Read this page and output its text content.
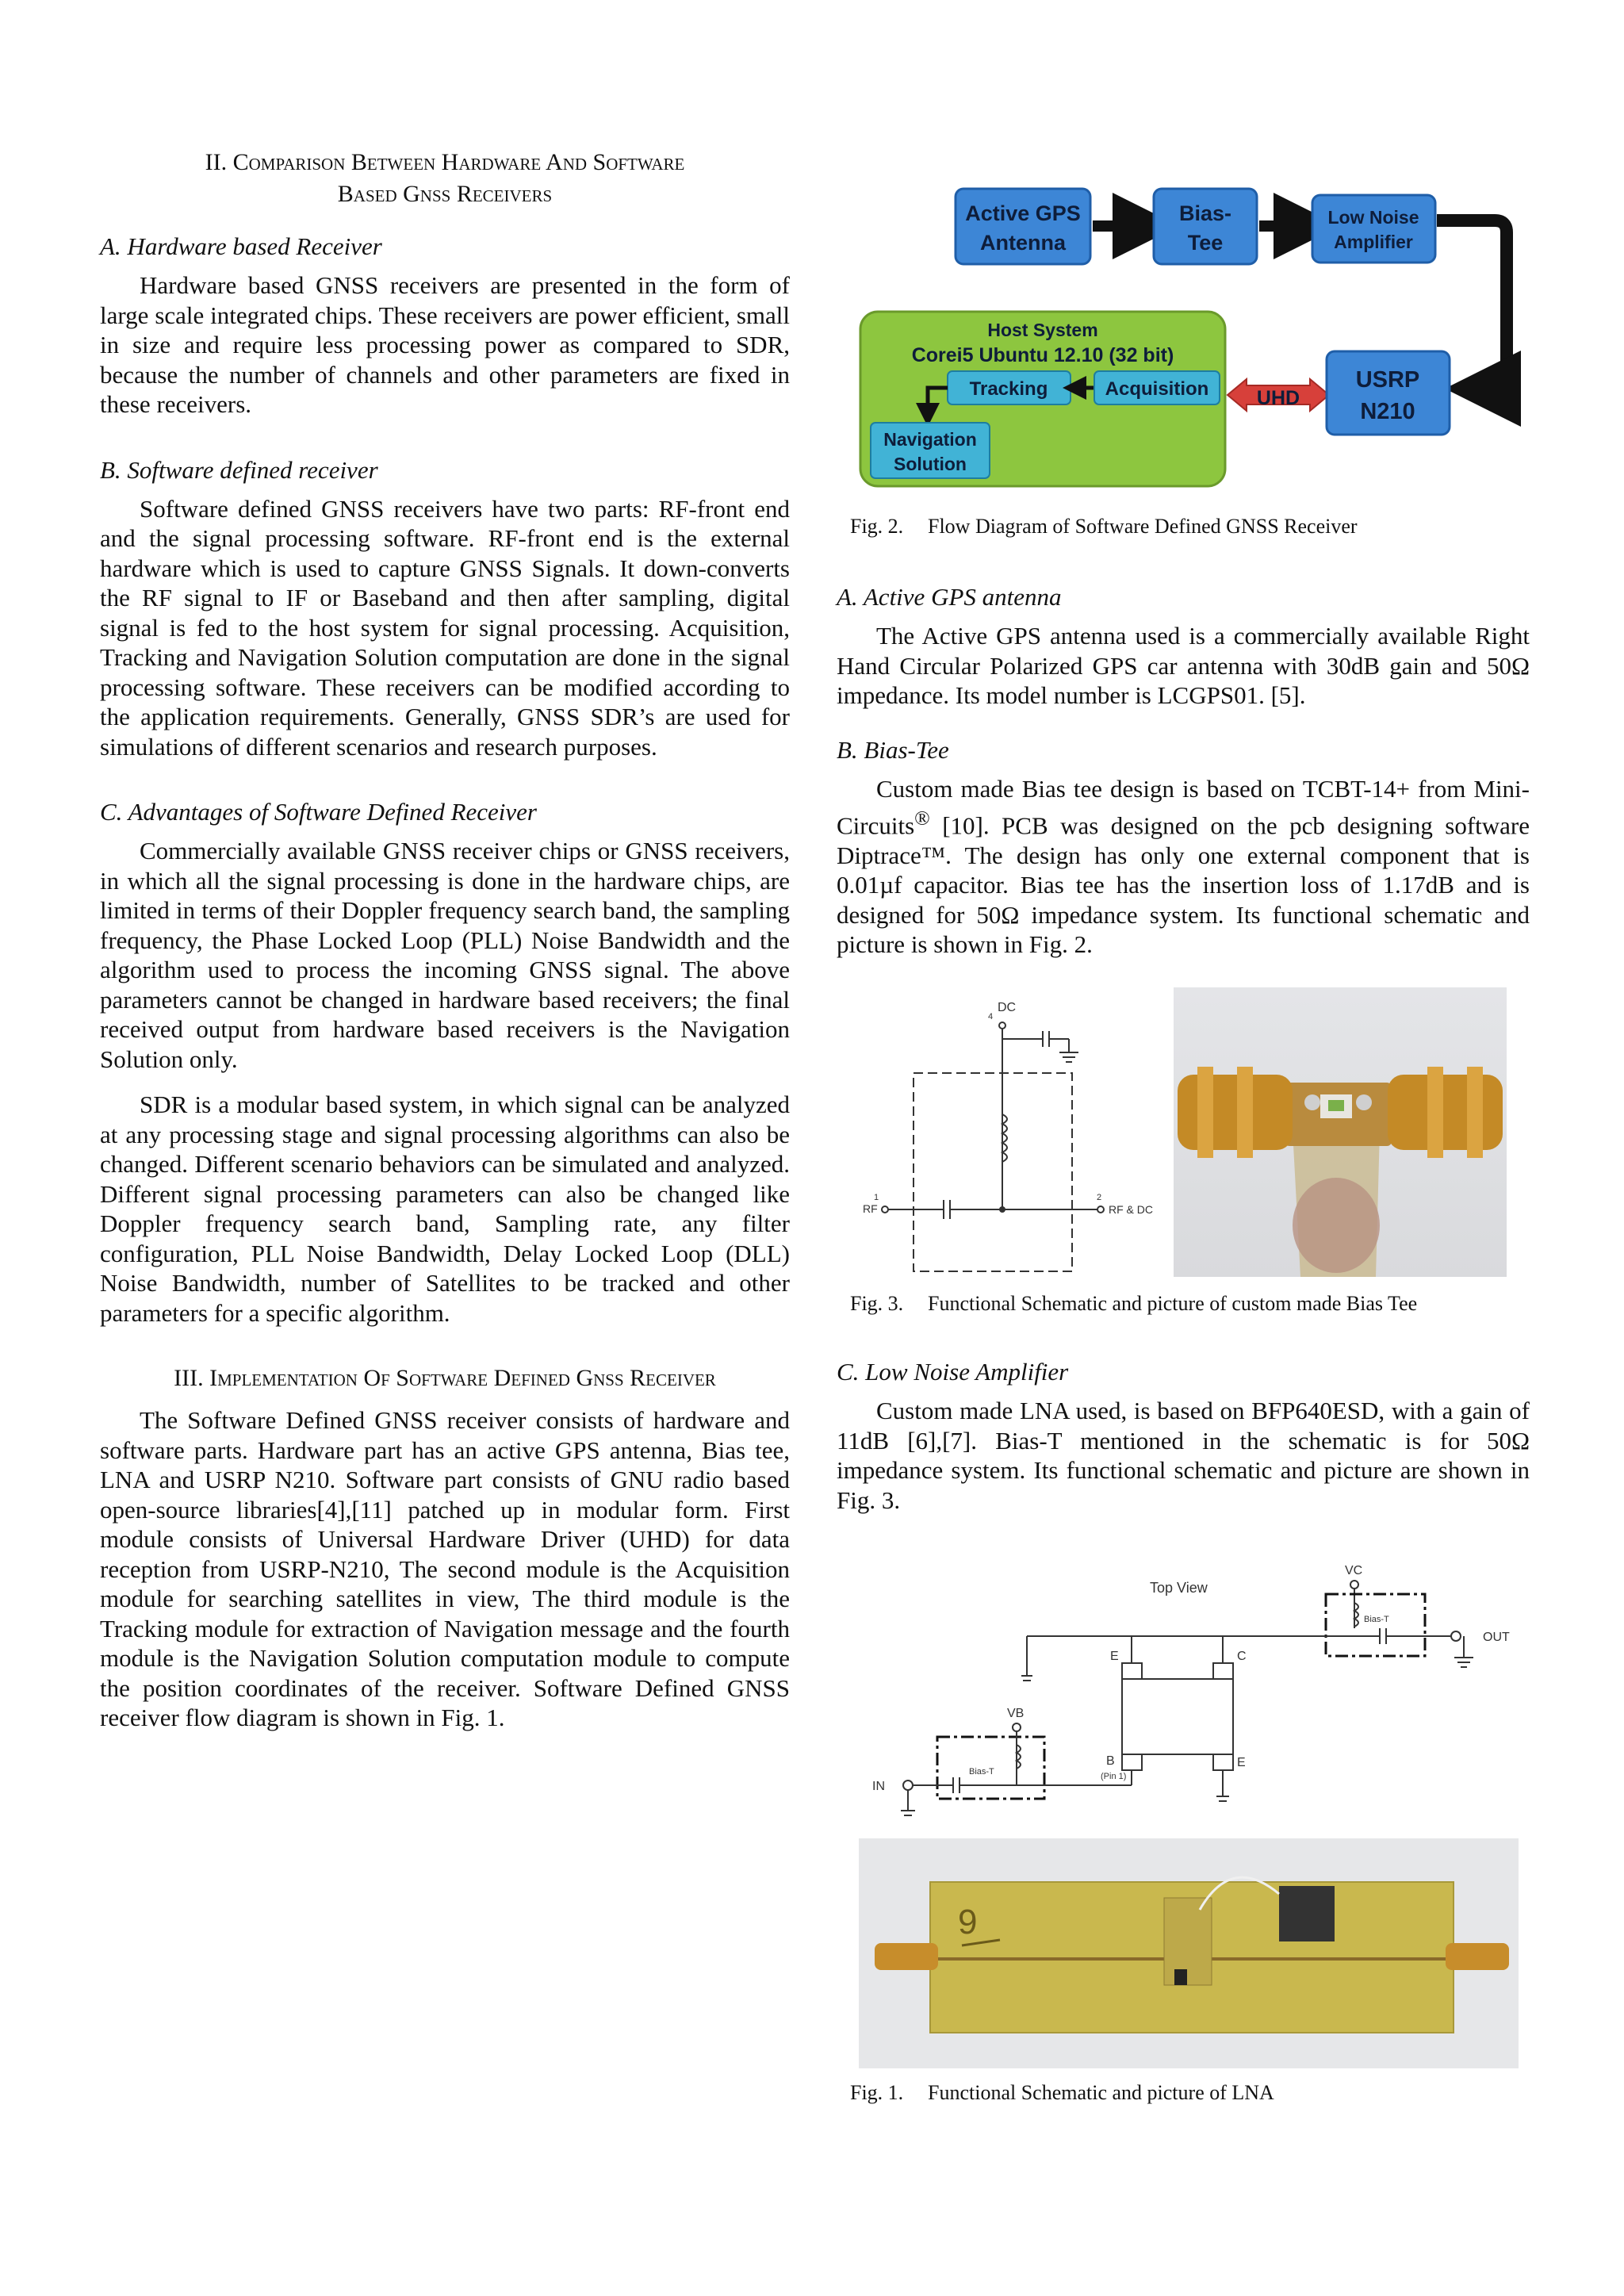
II. Comparison Between Hardware And Software
Based Gnss Receivers
A. Hardware based Receiver

Hardware based GNSS receivers are presented in the form of large scale integrated chips. These receivers are power efficient, small in size and require less processing power as compared to SDR, because the number of channels and other parameters are fixed in these receivers.

B. Software defined receiver

Software defined GNSS receivers have two parts: RF-front end and the signal processing software. RF-front end is the external hardware which is used to capture GNSS Signals. It down-converts the RF signal to IF or Baseband and then after sampling, digital signal is fed to the host system for signal processing. Acquisition, Tracking and Navigation Solution computation are done in the signal processing software. These receivers can be modified according to the application requirements. Generally, GNSS SDR’s are used for simulations of different scenarios and research purposes.

C. Advantages of Software Defined Receiver

Commercially available GNSS receiver chips or GNSS receivers, in which all the signal processing is done in the hardware chips, are limited in terms of their Doppler frequency search band, the sampling frequency, the Phase Locked Loop (PLL) Noise Bandwidth and the algorithm used to process the incoming GNSS signal. The above parameters cannot be changed in hardware based receivers; the final received output from hardware based receivers is the Navigation Solution only.

SDR is a modular based system, in which signal can be analyzed at any processing stage and signal processing algorithms can also be changed. Different scenario behaviors can be simulated and analyzed. Different signal processing parameters can also be changed like Doppler frequency search band, Sampling rate, any filter configuration, PLL Noise Bandwidth, Delay Locked Loop (DLL) Noise Bandwidth, number of Satellites to be tracked and other parameters for a specific algorithm.

III. Implementation Of Software Defined Gnss Receiver

The Software Defined GNSS receiver consists of hardware and software parts. Hardware part has an active GPS antenna, Bias tee, LNA and USRP N210. Software part consists of GNU radio based open-source libraries[4],[11] patched up in modular form. First module consists of Universal Hardware Driver (UHD) for data reception from USRP-N210, The second module is the Acquisition module for searching satellites in view, The third module is the Tracking module for extraction of Navigation message and the fourth module is the Navigation Solution computation module to compute the position coordinates of the receiver. Software Defined GNSS receiver flow diagram is shown in Fig. 1.

Active GPS
Antenna
Bias-
Tee
Low Noise
Amplifier
Host System
Corei5 Ubuntu 12.10 (32 bit)
Tracking	Acquisition
Navigation
Solution
UHD
USRP
N210
Fig. 2. Flow Diagram of Software Defined GNSS Receiver
A. Active GPS antenna

The Active GPS antenna used is a commercially available Right Hand Circular Polarized GPS car antenna with 30dB gain and 50Ω impedance. Its model number is LCGPS01. [5].

B. Bias-Tee

Custom made Bias tee design is based on TCBT-14+ from Mini-Circuits® [10]. PCB was designed on the pcb designing software Diptrace™. The design has only one external component that is 0.01µf capacitor. Bias tee has the insertion loss of 1.17dB and is designed for 50Ω impedance system. Its functional schematic and picture is shown in Fig. 2.

DC
4
1
RF
2
RF & DC
Fig. 3. Functional Schematic and picture of custom made Bias Tee
C. Low Noise Amplifier

Custom made LNA used, is based on BFP640ESD, with a gain of 11dB [6],[7]. Bias-T mentioned in the schematic is for 50Ω impedance system. Its functional schematic and picture are shown in Fig. 3.

Top View
VC
Bias-T
OUT
E	C
B
(Pin 1)
E
VB
Bias-T
IN
9
Fig. 1. Functional Schematic and picture of LNA
